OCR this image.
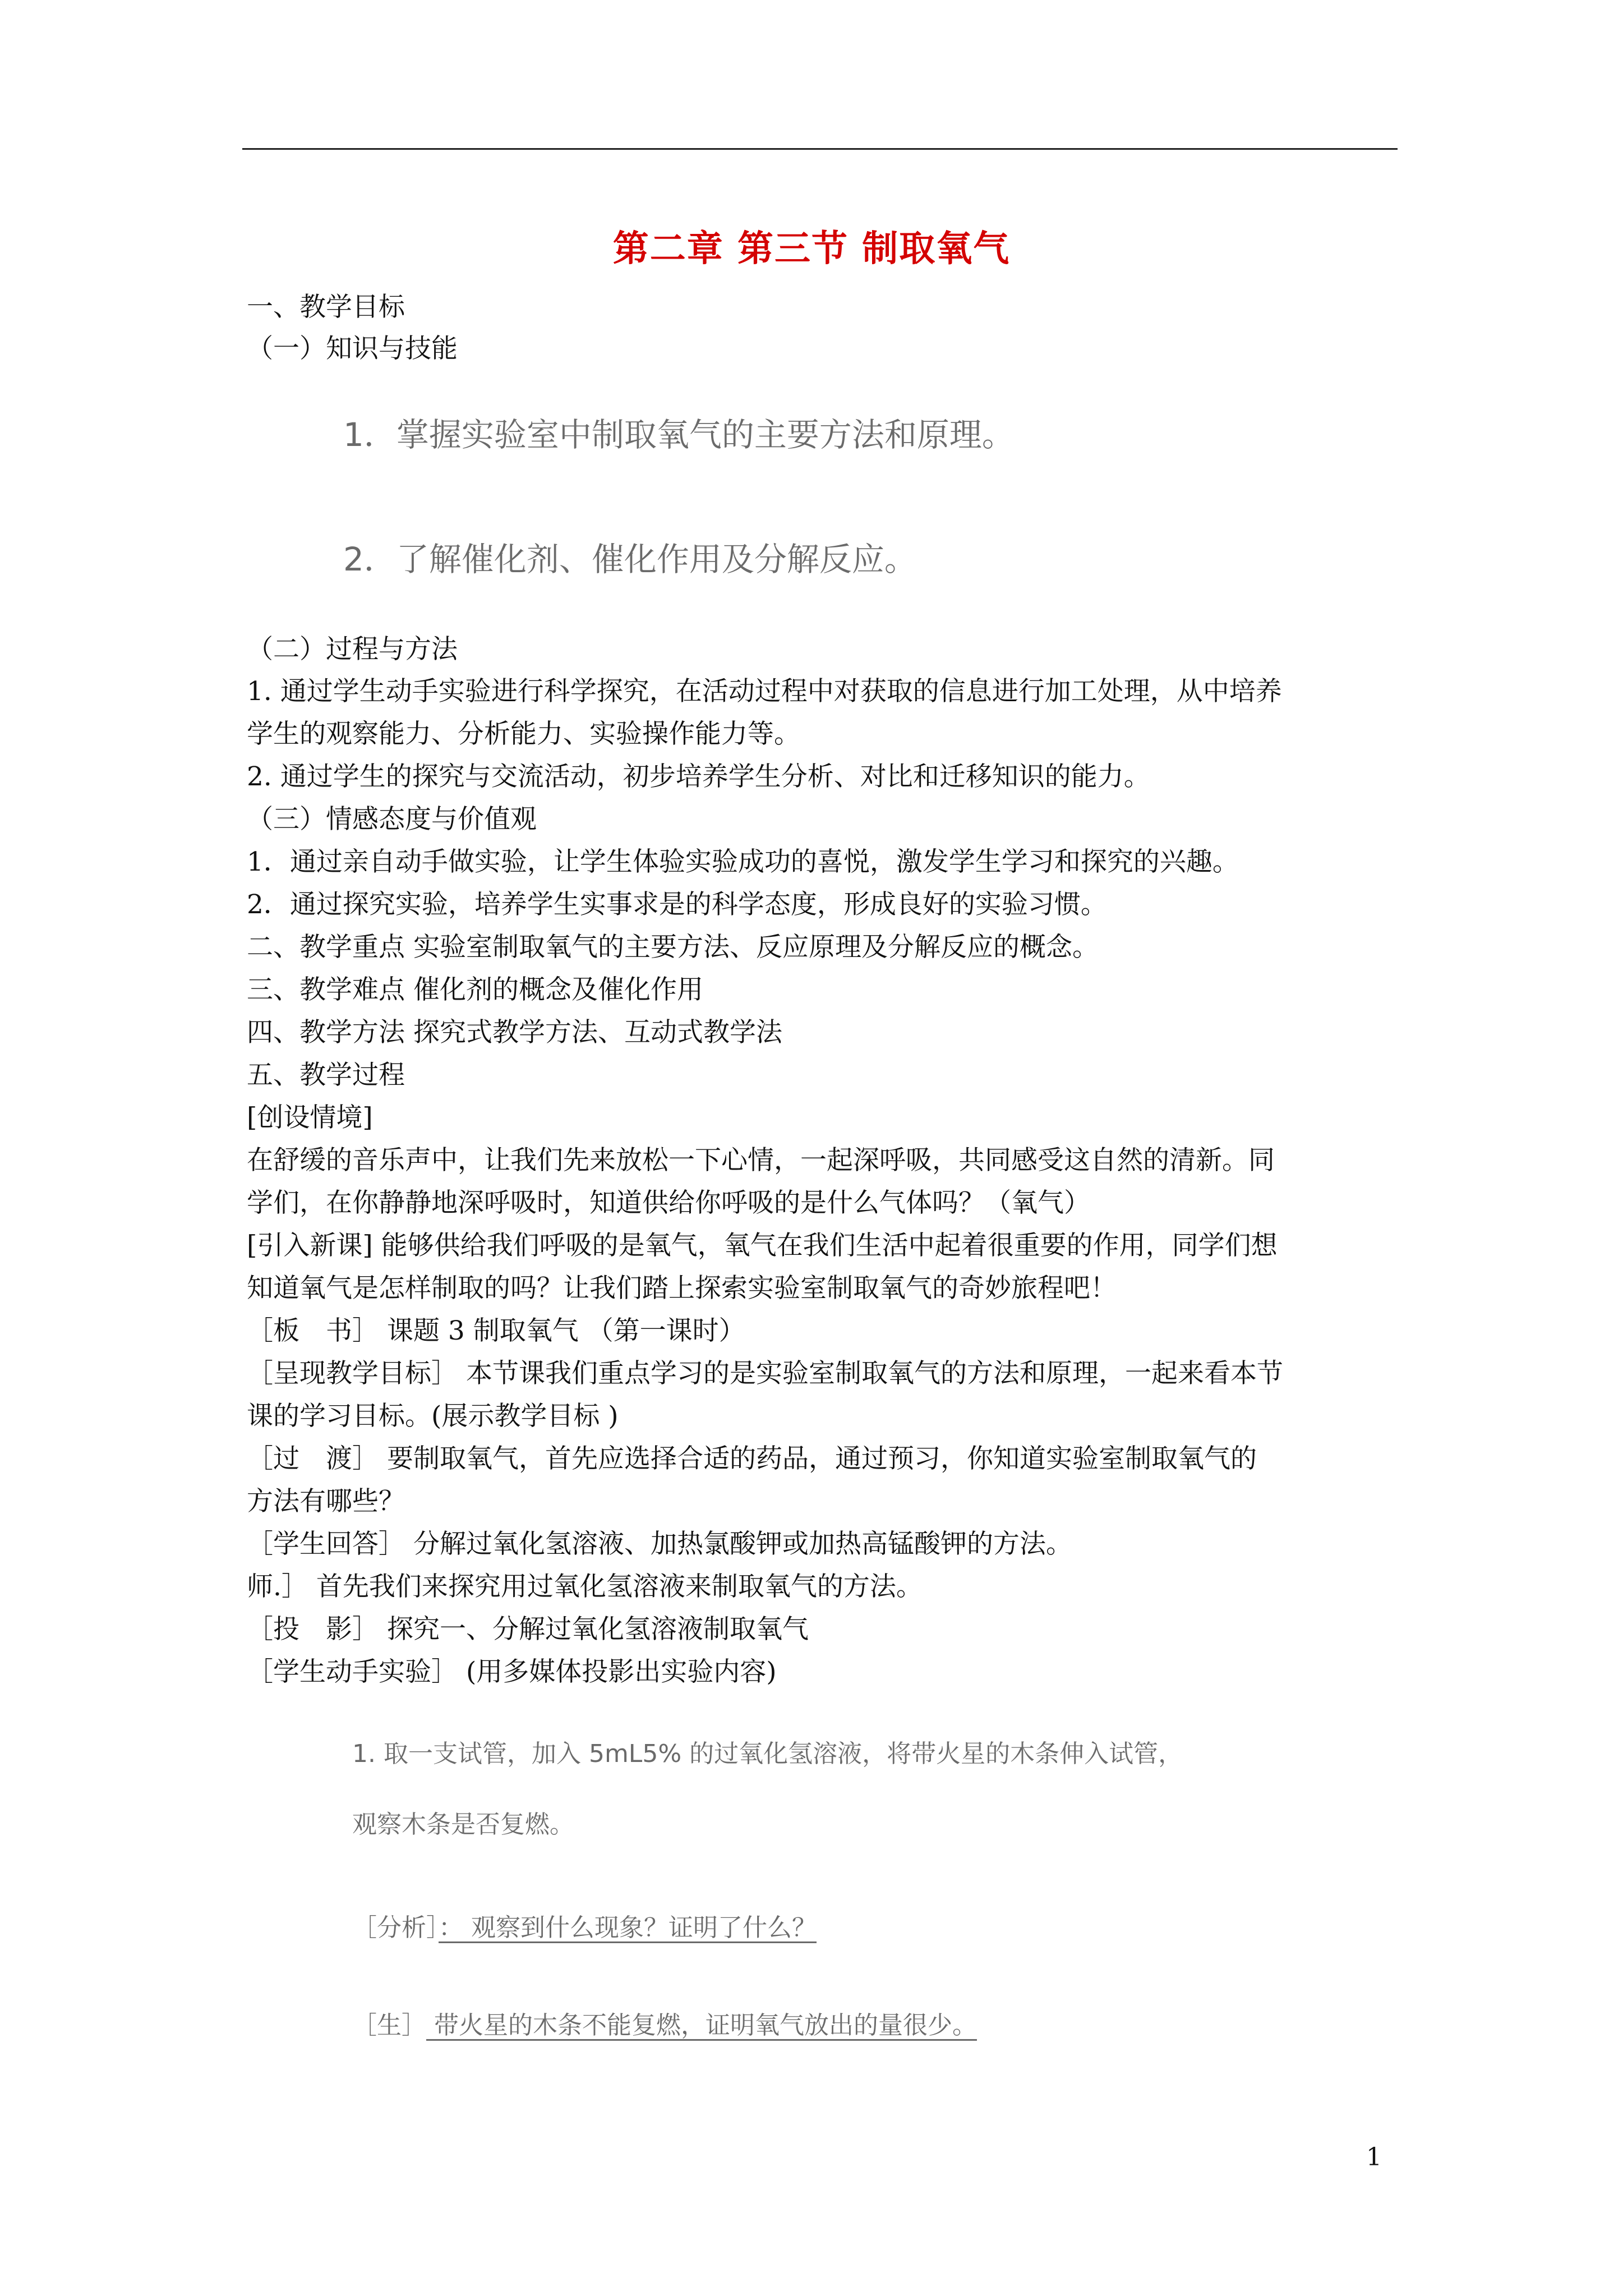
第二章 第三节 制取氧气
一、教学目标
（一）知识与技能
1．掌握实验室中制取氧气的主要方法和原理。
2．了解催化剂、催化作用及分解反应。
（二）过程与方法
1. 通过学生动手实验进行科学探究，在活动过程中对获取的信息进行加工处理，从中培养
学生的观察能力、分析能力、实验操作能力等。
2. 通过学生的探究与交流活动，初步培养学生分析、对比和迁移知识的能力。
（三）情感态度与价值观
1．通过亲自动手做实验，让学生体验实验成功的喜悦，激发学生学习和探究的兴趣。
2．通过探究实验，培养学生实事求是的科学态度，形成良好的实验习惯。
二、教学重点 实验室制取氧气的主要方法、反应原理及分解反应的概念。
三、教学难点 催化剂的概念及催化作用
四、教学方法 探究式教学方法、互动式教学法
五、教学过程
[创设情境]
在舒缓的音乐声中，让我们先来放松一下心情，一起深呼吸，共同感受这自然的清新。同
学们，在你静静地深呼吸时，知道供给你呼吸的是什么气体吗？（氧气）
[引入新课] 能够供给我们呼吸的是氧气，氧气在我们生活中起着很重要的作用，同学们想
知道氧气是怎样制取的吗？让我们踏上探索实验室制取氧气的奇妙旅程吧！
［板　书］ 课题 3 制取氧气 （第一课时）
［呈现教学目标］ 本节课我们重点学习的是实验室制取氧气的方法和原理，一起来看本节
课的学习目标。(展示教学目标 )
［过　渡］ 要制取氧气，首先应选择合适的药品，通过预习，你知道实验室制取氧气的
方法有哪些？
［学生回答］ 分解过氧化氢溶液、加热氯酸钾或加热高锰酸钾的方法。
师.］ 首先我们来探究用过氧化氢溶液来制取氧气的方法。
［投　影］ 探究一、分解过氧化氢溶液制取氧气
［学生动手实验］ (用多媒体投影出实验内容)
1. 取一支试管，加入 5mL5% 的过氧化氢溶液，将带火星的木条伸入试管，
观察木条是否复燃。
［分析］： 观察到什么现象？证明了什么？
［生］ 带火星的木条不能复燃，证明氧气放出的量很少。
1
